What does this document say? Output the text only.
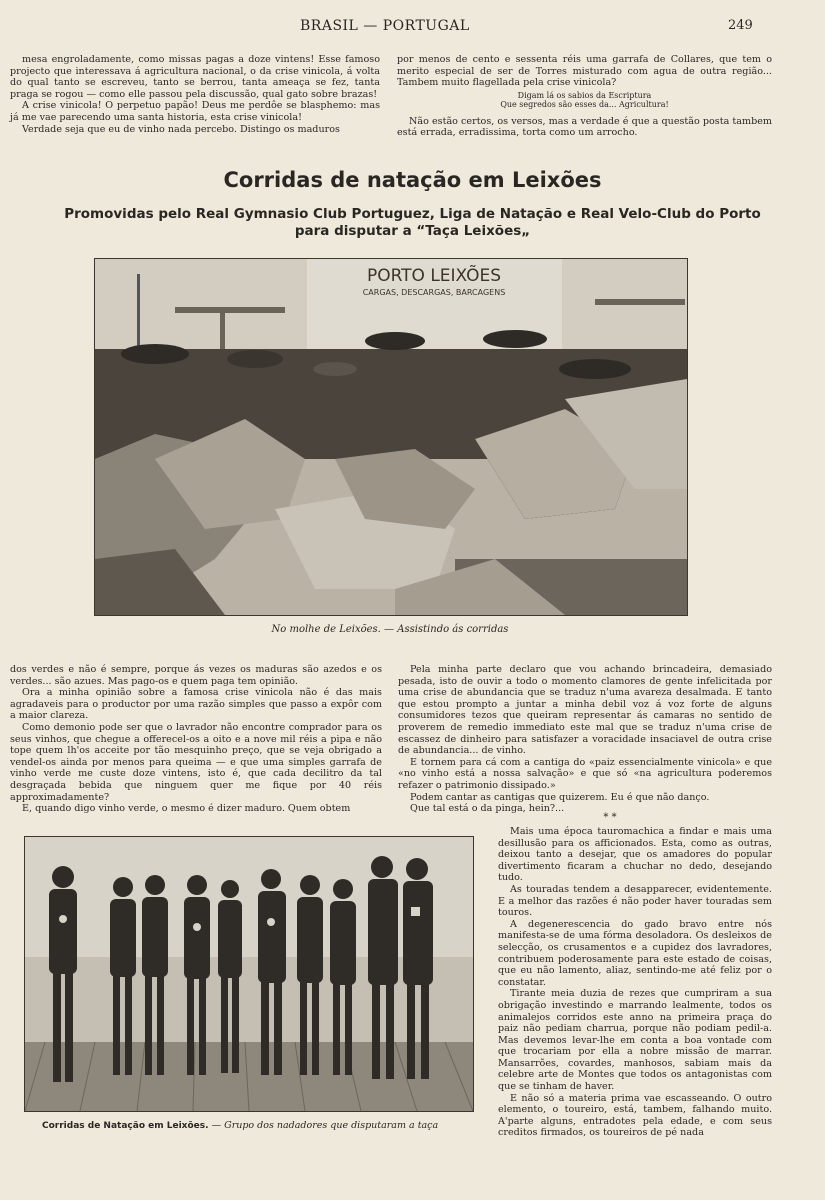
BRASIL — PORTUGAL	249

mesa engroladamente, como missas pagas a doze vintens! Esse famoso projecto que interessava á agricultura nacional, o da crise vinicola, á volta do qual tanto se escreveu, tanto se berrou, tanta ameaça se fez, tanta praga se rogou — como elle passou pela discussão, qual gato sobre brazas!

A crise vinicola! O perpetuo papão! Deus me perdôe se blasphemo: mas já me vae parecendo uma santa historia, esta crise vinicola!

Verdade seja que eu de vinho nada percebo. Distingo os maduros

por menos de cento e sessenta réis uma garrafa de Collares, que tem o merito especial de ser de Torres misturado com agua de outra região... Tambem muito flagellada pela crise vinicola?

Digam lá os sabios da Escriptura
Que segredos são esses da... Agricultura!

Não estão certos, os versos, mas a verdade é que a questão posta tambem está errada, erradissima, torta como um arrocho.

Corridas de natação em Leixões
Promovidas pelo Real Gymnasio Club Portuguez, Liga de Natação e Real Velo-Club do Porto
para disputar a “Taça Leixões„
PORTO LEIXÕES
CARGAS, DESCARGAS, BARCAGENS
No molhe de Leixões. — Assistindo ás corridas

dos verdes e não é sempre, porque ás vezes os maduras são azedos e os verdes... são azues. Mas pago-os e quem paga tem opinião.

Ora a minha opinião sobre a famosa crise vinicola não é das mais agradaveis para o productor por uma razão simples que passo a expôr com a maior clareza.

Como demonio pode ser que o lavrador não encontre comprador para os seus vinhos, que chegue a offerecel-os a oito e a nove mil réis a pipa e não tope quem lh'os acceite por tão mesquinho preço, que se veja obrigado a vendel-os ainda por menos para queima — e que uma simples garrafa de vinho verde me custe doze vintens, isto é, que cada decilitro da tal desgraçada bebida que ninguem quer me fique por 40 réis approximadamente?

E, quando digo vinho verde, o mesmo é dizer maduro. Quem obtem

Pela minha parte declaro que vou achando brincadeira, demasiado pesada, isto de ouvir a todo o momento clamores de gente infelicitada por uma crise de abundancia que se traduz n'uma avareza desalmada. E tanto que estou prompto a juntar a minha debil voz á voz forte de alguns consumidores tezos que queiram representar ás camaras no sentido de proverem de remedio immediato este mal que se traduz n'uma crise de escassez de dinheiro para satisfazer a voracidade insaciavel de outra crise de abundancia... de vinho.

E tornem para cá com a cantiga do «paiz essencialmente vinicola» e que «no vinho está a nossa salvação» e que só «na agricultura poderemos refazer o patrimonio dissipado.»

Podem cantar as cantigas que quizerem. Eu é que não danço.

Que tal está o da pinga, hein?...

* *
Corridas de Natação em Leixões. — Grupo dos nadadores que disputaram a taça

Mais uma época tauromachica a findar e mais uma desillusão para os afficionados. Esta, como as outras, deixou tanto a desejar, que os amadores do popular divertimento ficaram a chuchar no dedo, desejando tudo.

As touradas tendem a desapparecer, evidentemente. E a melhor das razões é não poder haver touradas sem touros.

A degenerescencia do gado bravo entre nós manifesta-se de uma fórma desoladora. Os desleixos de selecção, os crusamentos e a cupidez dos lavradores, contribuem poderosamente para este estado de coisas, que eu não lamento, aliaz, sentindo-me até feliz por o constatar.

Tirante meia duzia de rezes que cumpriram a sua obrigação investindo e marrando lealmente, todos os animalejos corridos este anno na primeira praça do paiz não pediam charrua, porque não podiam pedil-a. Mas devemos levar-lhe em conta a boa vontade com que trocariam por ella a nobre missão de marrar. Mansarrões, covardes, manhosos, sabiam mais da celebre arte de Montes que todos os antagonistas com que se tinham de haver.

E não só a materia prima vae escasseando. O outro elemento, o toureiro, está, tambem, falhando muito. A'parte alguns, entradotes pela edade, e com seus creditos firmados, os toureiros de pé nada
